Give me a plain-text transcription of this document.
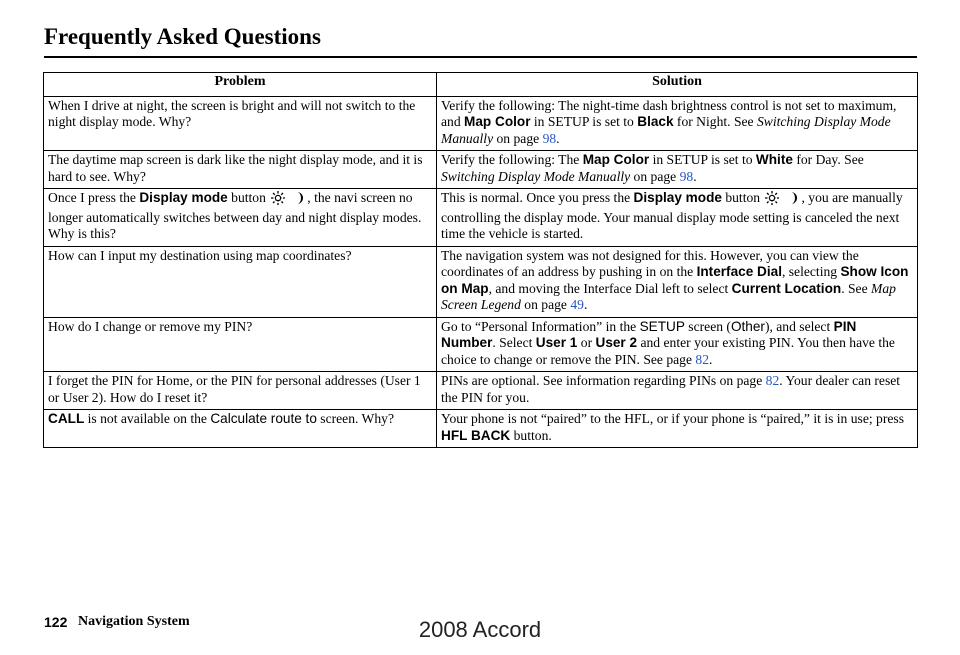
Frequently Asked Questions
Problem	Solution
When I drive at night, the screen is bright and will not switch to the night display mode. Why?	Verify the following: The night-time dash brightness control is not set to maximum, and Map Color in SETUP is set to Black for Night. See Switching Display Mode Manually on page 98.
The daytime map screen is dark like the night display mode, and it is hard to see. Why?	Verify the following: The Map Color in SETUP is set to White for Day. See Switching Display Mode Manually on page 98.
Once I press the Display mode button , the navi screen no longer automatically switches between day and night display modes. Why is this?	This is normal. Once you press the Display mode button , you are manually controlling the display mode. Your manual display mode setting is canceled the next time the vehicle is started.
How can I input my destination using map coordinates?	The navigation system was not designed for this. However, you can view the coordinates of an address by pushing in on the Interface Dial, selecting Show Icon on Map, and moving the Interface Dial left to select Current Location. See Map Screen Legend on page 49.
How do I change or remove my PIN?	Go to “Personal Information” in the SETUP screen (Other), and select PIN Number. Select User 1 or User 2 and enter your existing PIN. You then have the choice to change or remove the PIN. See page 82.
I forget the PIN for Home, or the PIN for personal addresses (User 1 or User 2). How do I reset it?	PINs are optional. See information regarding PINs on page 82. Your dealer can reset the PIN for you.
CALL is not available on the Calculate route to screen. Why?	Your phone is not “paired” to the HFL, or if your phone is “paired,” it is in use; press HFL BACK button.
122 Navigation System	2008 Accord
